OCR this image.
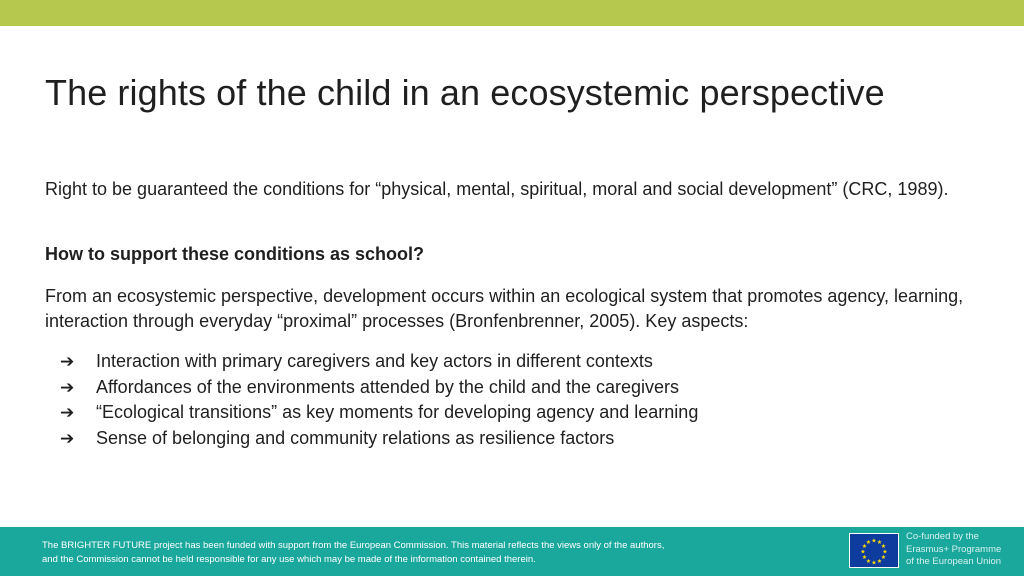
The rights of the child in an ecosystemic perspective
Right to be guaranteed the conditions for “physical, mental, spiritual, moral and social development” (CRC, 1989).
How to support these conditions as school?
From an ecosystemic perspective, development occurs within an ecological system that promotes agency, learning, interaction through everyday “proximal” processes (Bronfenbrenner, 2005). Key aspects:
➔	Interaction with primary caregivers and key actors in different contexts
➔	Affordances of the environments attended by the child and the caregivers
➔	“Ecological transitions” as key moments for developing agency and learning
➔	Sense of belonging and community relations as resilience factors
The BRIGHTER FUTURE project has been funded with support from the European Commission. This material reflects the views only of the authors,
and the Commission cannot be held responsible for any use which may be made of the information contained therein.
★ ★
★
★
★
★
★
★
★
★
★
★
Co-funded by the
Erasmus+ Programme
of the European Union
